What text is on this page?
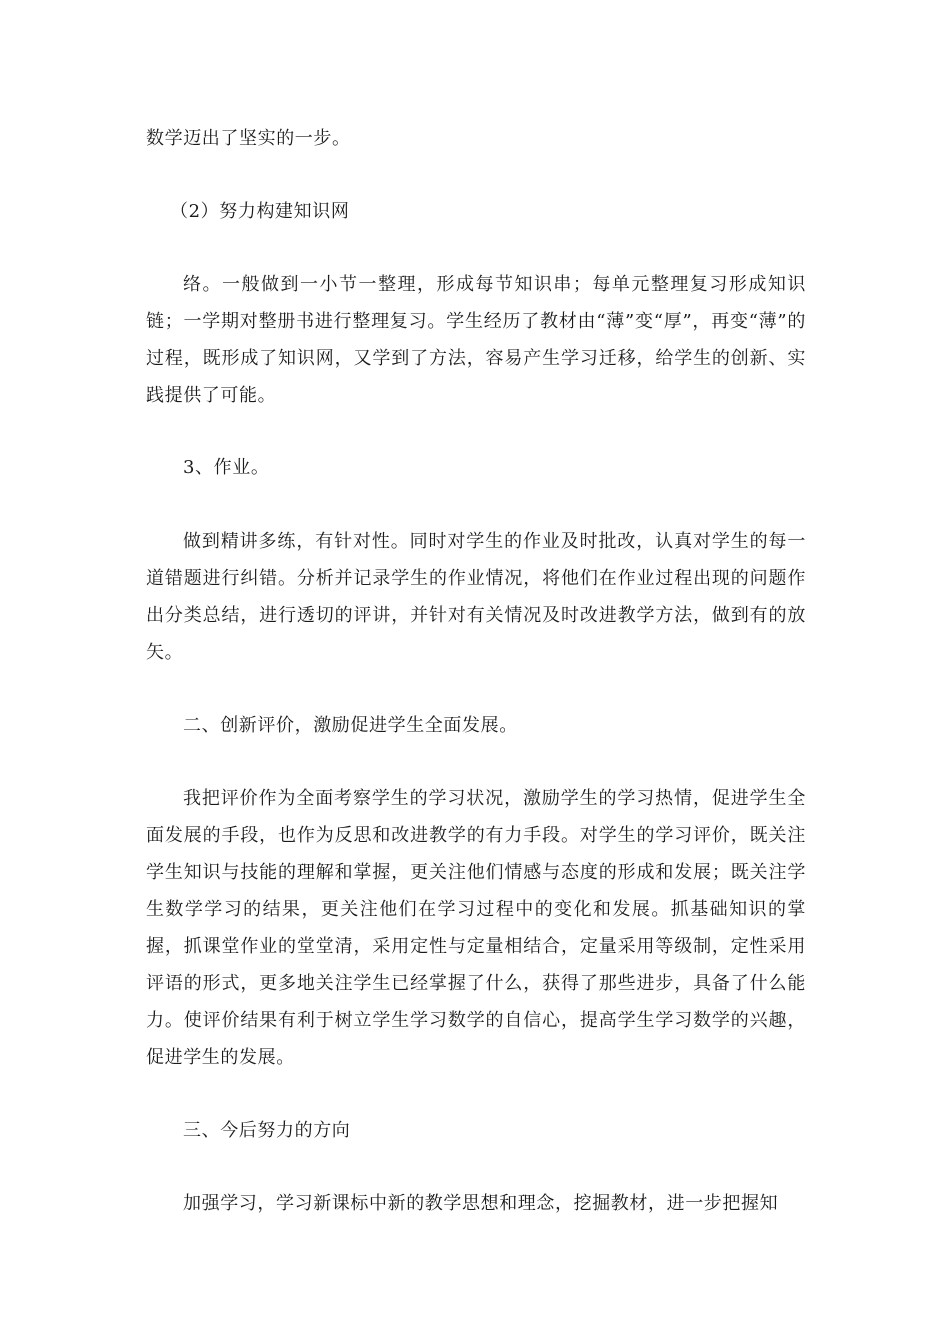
数学迈出了坚实的一步。

（2）努力构建知识网

络。一般做到一小节一整理，形成每节知识串；每单元整理复习形成知识链；一学期对整册书进行整理复习。学生经历了教材由“薄”变“厚”，再变“薄”的过程，既形成了知识网，又学到了方法，容易产生学习迁移，给学生的创新、实践提供了可能。

3、作业。

做到精讲多练，有针对性。同时对学生的作业及时批改，认真对学生的每一道错题进行纠错。分析并记录学生的作业情况，将他们在作业过程出现的问题作出分类总结，进行透切的评讲，并针对有关情况及时改进教学方法，做到有的放矢。

二、创新评价，激励促进学生全面发展。

我把评价作为全面考察学生的学习状况，激励学生的学习热情，促进学生全面发展的手段，也作为反思和改进教学的有力手段。对学生的学习评价，既关注学生知识与技能的理解和掌握，更关注他们情感与态度的形成和发展；既关注学生数学学习的结果，更关注他们在学习过程中的变化和发展。抓基础知识的掌握，抓课堂作业的堂堂清，采用定性与定量相结合，定量采用等级制，定性采用评语的形式，更多地关注学生已经掌握了什么，获得了那些进步，具备了什么能力。使评价结果有利于树立学生学习数学的自信心，提高学生学习数学的兴趣，促进学生的发展。

三、今后努力的方向

加强学习，学习新课标中新的教学思想和理念，挖掘教材，进一步把握知
